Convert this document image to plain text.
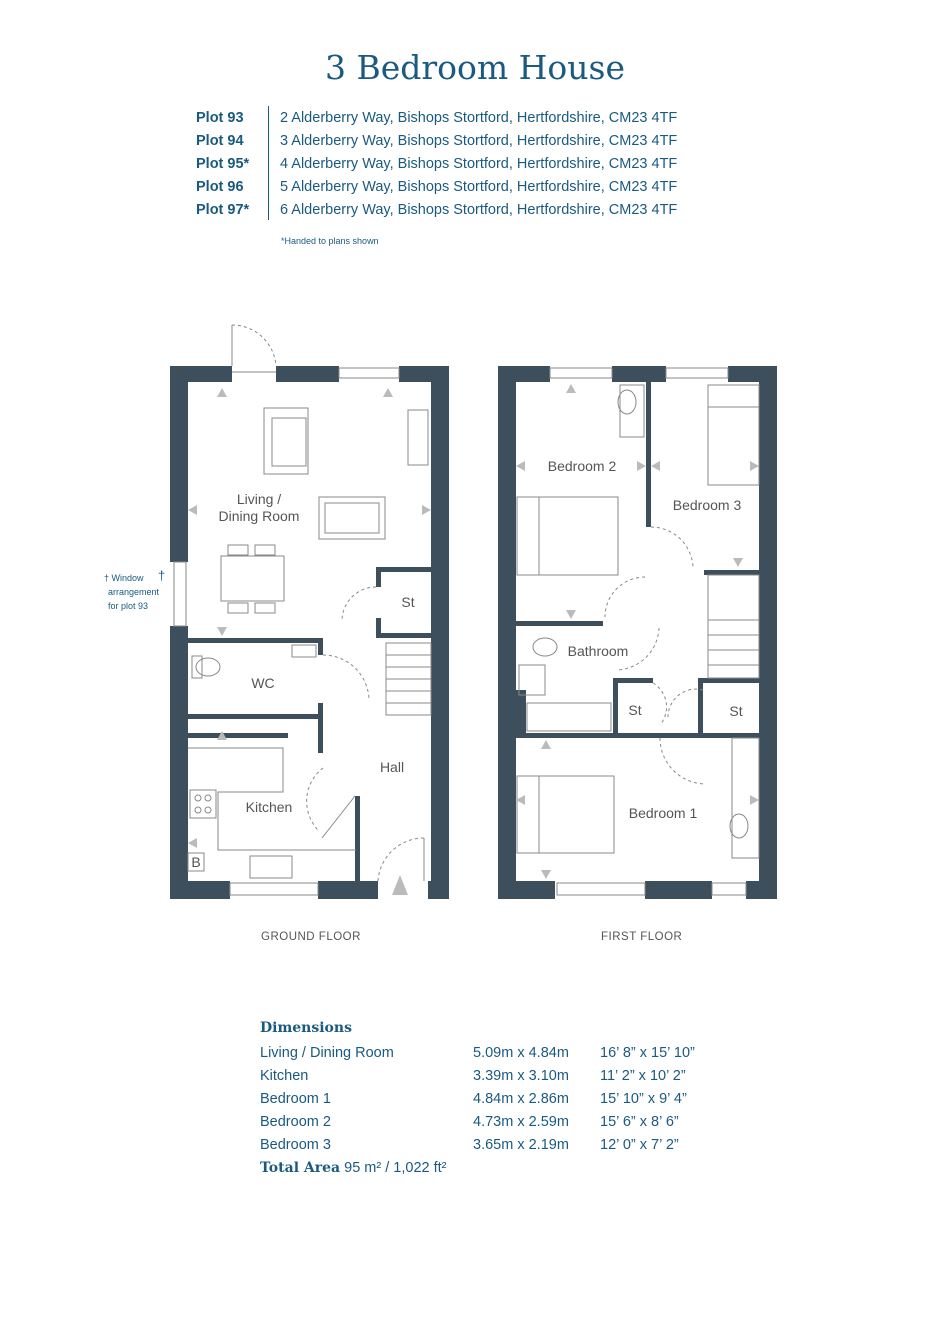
3 Bedroom House
Plot 93	2 Alderberry Way, Bishops Stortford, Hertfordshire, CM23 4TF
Plot 94	3 Alderberry Way, Bishops Stortford, Hertfordshire, CM23 4TF
Plot 95*	4 Alderberry Way, Bishops Stortford, Hertfordshire, CM23 4TF
Plot 96	5 Alderberry Way, Bishops Stortford, Hertfordshire, CM23 4TF
Plot 97*	6 Alderberry Way, Bishops Stortford, Hertfordshire, CM23 4TF
*Handed to plans shown
Living /
Dining Room
St
WC
Hall
Kitchen
B
Bedroom 2
Bedroom 3
Bathroom
St	St
Bedroom 1
† Window
arrangement
for plot 93
†
GROUND FLOOR	FIRST FLOOR
Dimensions
Living / Dining Room	5.09m x 4.84m	16’ 8” x 15’ 10”
Kitchen	3.39m x 3.10m	11’ 2” x 10’ 2”
Bedroom 1	4.84m x 2.86m	15’ 10” x 9’ 4”
Bedroom 2	4.73m x 2.59m	15’ 6” x 8’ 6”
Bedroom 3	3.65m x 2.19m	12’ 0” x 7’ 2”
Total Area 95 m² / 1,022 ft²
